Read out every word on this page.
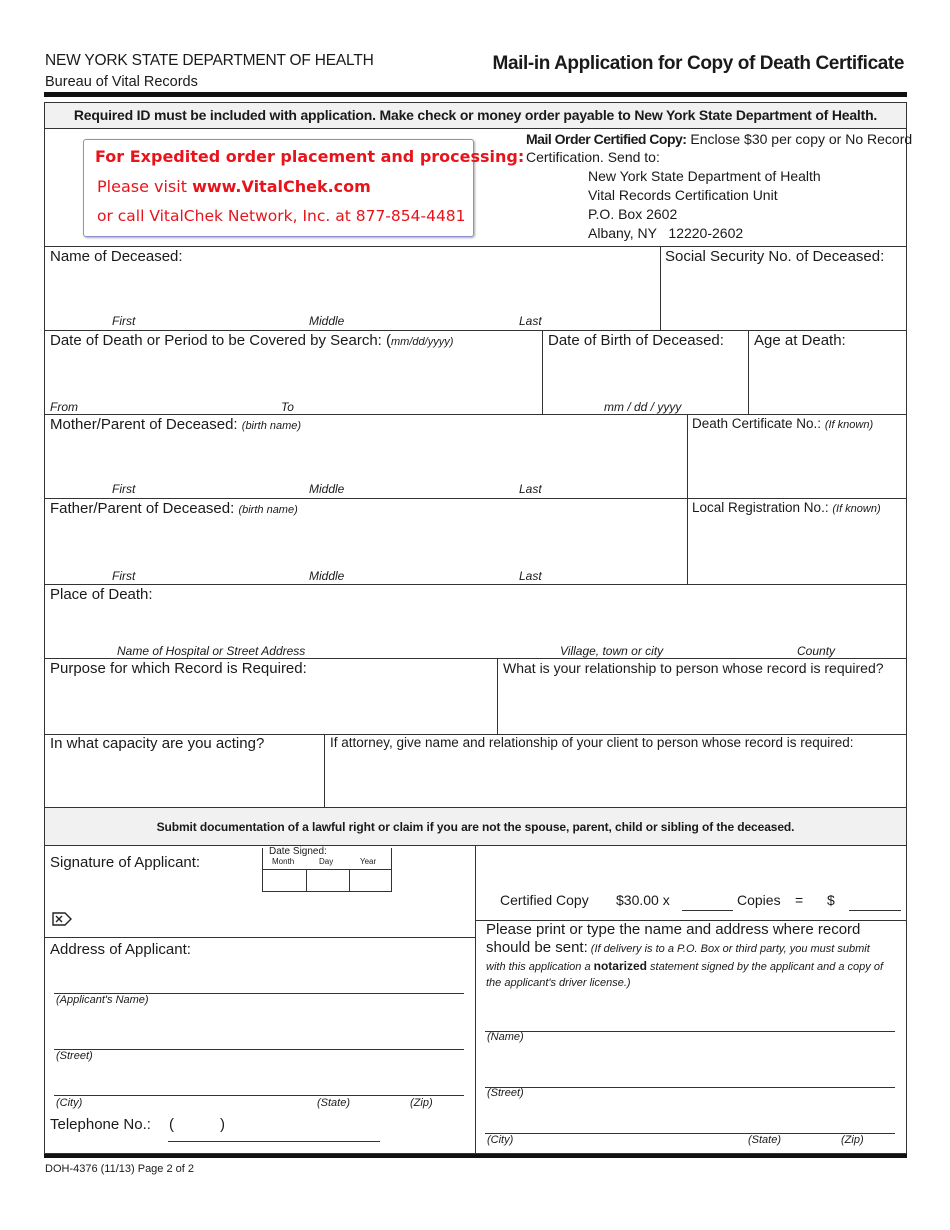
NEW YORK STATE DEPARTMENT OF HEALTH
Bureau of Vital Records
Mail-in Application for Copy of Death Certificate
Required ID must be included with application. Make check or money order payable to New York State Department of Health.
For Expedited order placement and processing:
Please visit www.VitalChek.com
or call VitalChek Network, Inc. at 877-854-4481
Mail Order Certified Copy: Enclose $30 per copy or No Record
Certification. Send to:
New York State Department of Health
Vital Records Certification Unit
P.O. Box 2602
Albany, NY   12220-2602
Name of Deceased:
First	Middle	Last
Social Security No. of Deceased:
Date of Death or Period to be Covered by Search: (mm/dd/yyyy)
From	To
Date of Birth of Deceased:
mm / dd / yyyy
Age at Death:
Mother/Parent of Deceased: (birth name)
First	Middle	Last
Death Certificate No.: (If known)
Father/Parent of Deceased: (birth name)
First	Middle	Last
Local Registration No.: (If known)
Place of Death:
Name of Hospital or Street Address	Village, town or city	County
Purpose for which Record is Required:	What is your relationship to person whose record is required?
In what capacity are you acting?	If attorney, give name and relationship of your client to person whose record is required:
Submit documentation of a lawful right or claim if you are not the spouse, parent, child or sibling of the deceased.
Signature of Applicant:
Date Signed:
Month	Day	Year
Certified Copy $30.00 x	Copies = $
Address of Applicant:
(Applicant's Name)
(Street)
(City)	(State)	(Zip)
Telephone No.: (	)
Please print or type the name and address where record
should be sent: (If delivery is to a P.O. Box or third party, you must submit
with this application a notarized statement signed by the applicant and a copy of
the applicant's driver license.)
(Name)
(Street)
(City)	(State)	(Zip)
DOH-4376 (11/13) Page 2 of 2
